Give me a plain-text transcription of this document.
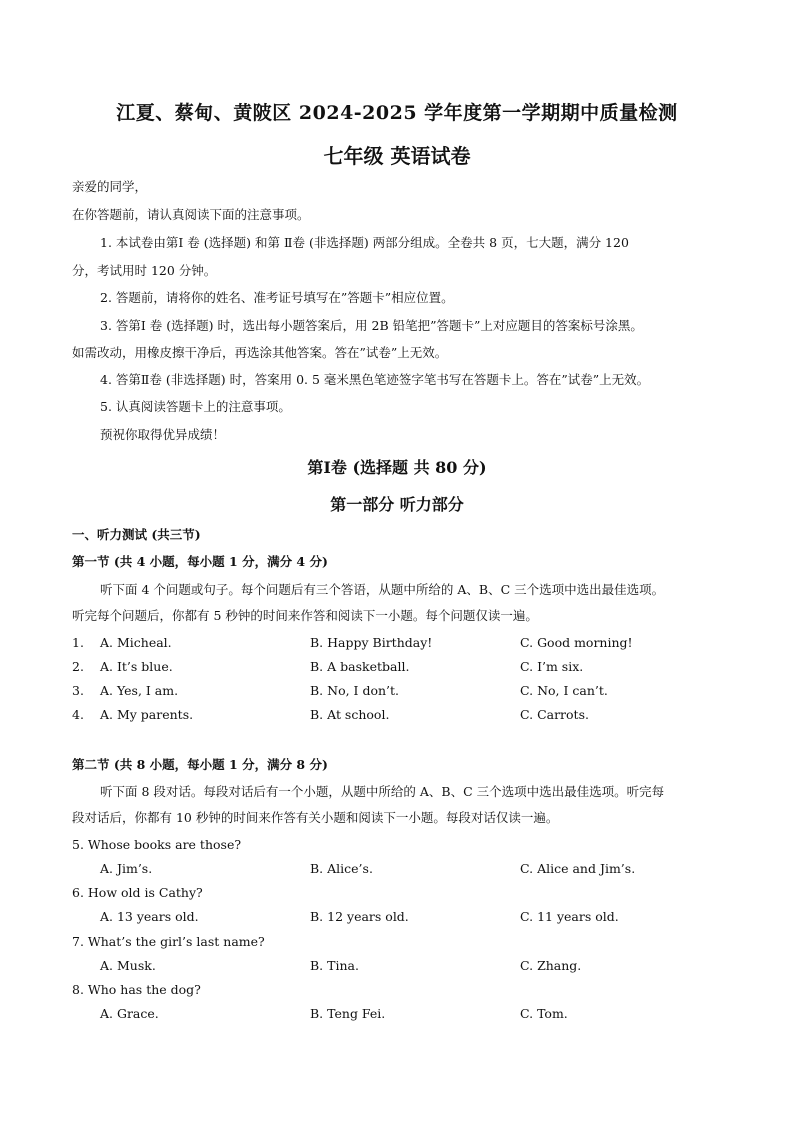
江夏、蔡甸、黄陂区 2024-2025 学年度第一学期期中质量检测
七年级 英语试卷
亲爱的同学，
在你答题前，请认真阅读下面的注意事项。
1. 本试卷由第Ⅰ 卷 (选择题) 和第 Ⅱ卷 (非选择题) 两部分组成。全卷共 8 页，七大题，满分 120
分，考试用时 120 分钟。
2. 答题前，请将你的姓名、准考证号填写在”答题卡”相应位置。
3. 答第Ⅰ 卷 (选择题) 时，选出每小题答案后，用 2B 铅笔把”答题卡”上对应题目的答案标号涂黑。
如需改动，用橡皮擦干净后，再选涂其他答案。答在”试卷”上无效。
4. 答第Ⅱ卷 (非选择题) 时，答案用 0. 5 毫米黑色笔迹签字笔书写在答题卡上。答在”试卷”上无效。
5. 认真阅读答题卡上的注意事项。
预祝你取得优异成绩！
第Ⅰ卷 (选择题 共 80 分)
第一部分 听力部分
一、听力测试 (共三节)
第一节 (共 4 小题，每小题 1 分，满分 4 分)
听下面 4 个问题或句子。每个问题后有三个答语，从题中所给的 A、B、C 三个选项中选出最佳选项。
听完每个问题后，你都有 5 秒钟的时间来作答和阅读下一小题。每个问题仅读一遍。
1. A. Micheal.	B. Happy Birthday!	C. Good morning!
2. A. It’s blue.	B. A basketball.	C. I’m six.
3. A. Yes, I am.	B. No, I don’t.	C. No, I can’t.
4. A. My parents.	B. At school.	C. Carrots.
第二节 (共 8 小题，每小题 1 分，满分 8 分)
听下面 8 段对话。每段对话后有一个小题，从题中所给的 A、B、C 三个选项中选出最佳选项。听完每
段对话后，你都有 10 秒钟的时间来作答有关小题和阅读下一小题。每段对话仅读一遍。
5. Whose books are those?
A. Jim’s.	B. Alice’s.	C. Alice and Jim’s.
6. How old is Cathy?
A. 13 years old.	B. 12 years old.	C. 11 years old.
7. What’s the girl’s last name?
A. Musk.	B. Tina.	C. Zhang.
8. Who has the dog?
A. Grace.	B. Teng Fei.	C. Tom.
